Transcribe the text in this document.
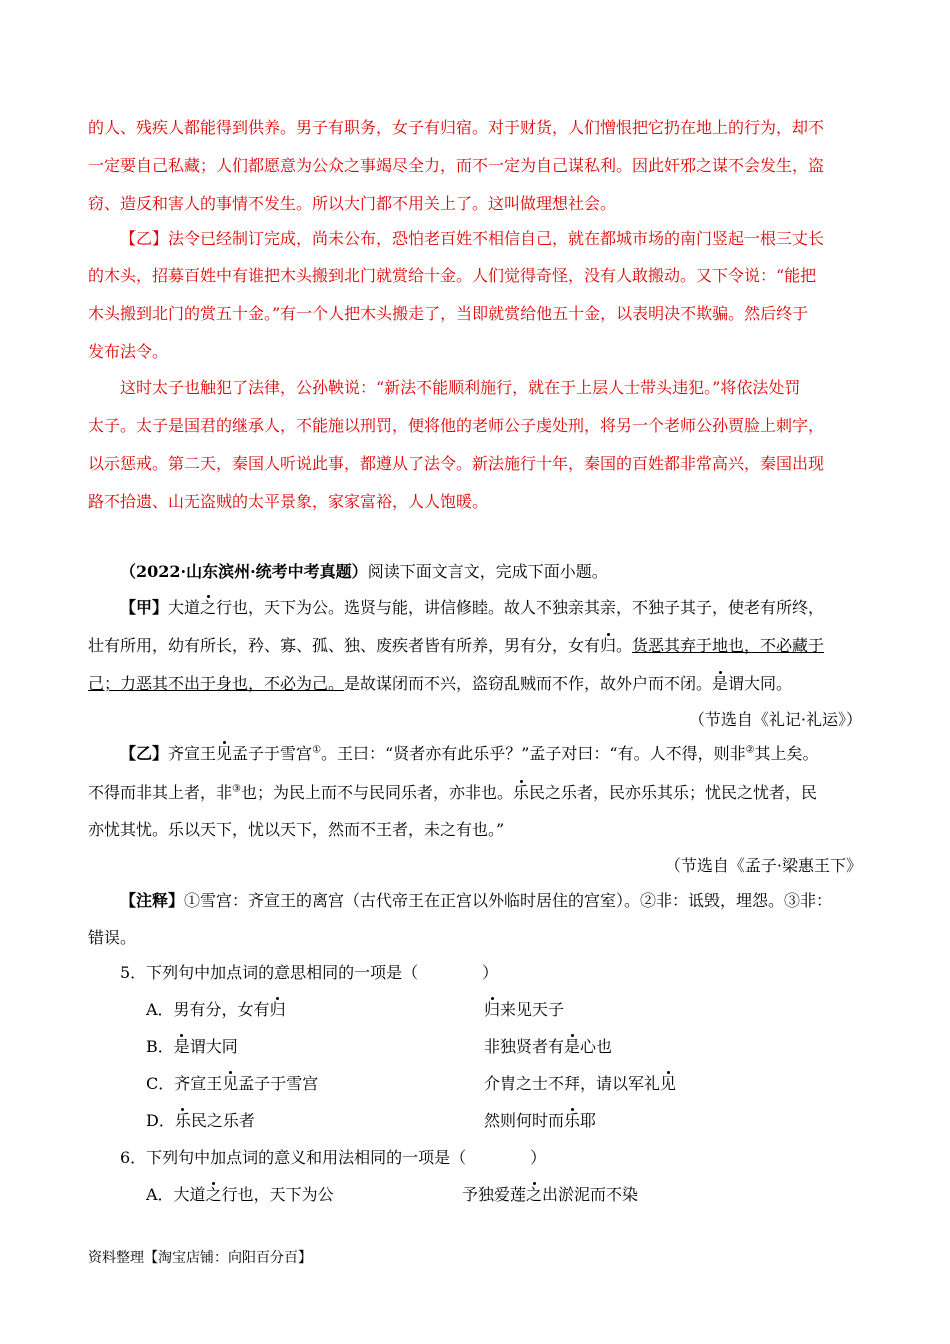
的人、残疾人都能得到供养。男子有职务，女子有归宿。对于财货，人们憎恨把它扔在地上的行为，却不
一定要自己私藏；人们都愿意为公众之事竭尽全力，而不一定为自己谋私利。因此奸邪之谋不会发生，盗
窃、造反和害人的事情不发生。所以大门都不用关上了。这叫做理想社会。
【乙】法令已经制订完成，尚未公布，恐怕老百姓不相信自己，就在都城市场的南门竖起一根三丈长
的木头，招募百姓中有谁把木头搬到北门就赏给十金。人们觉得奇怪，没有人敢搬动。又下令说：“能把
木头搬到北门的赏五十金。”有一个人把木头搬走了，当即就赏给他五十金，以表明决不欺骗。然后终于
发布法令。
这时太子也触犯了法律，公孙鞅说：“新法不能顺利施行，就在于上层人士带头违犯。”将依法处罚
太子。太子是国君的继承人，不能施以刑罚，便将他的老师公子虔处刑，将另一个老师公孙贾脸上刺字，
以示惩戒。第二天，秦国人听说此事，都遵从了法令。新法施行十年，秦国的百姓都非常高兴，秦国出现
路不拾遗、山无盗贼的太平景象，家家富裕，人人饱暖。
（2022·山东滨州·统考中考真题）阅读下面文言文，完成下面小题。
【甲】大道之行也，天下为公。选贤与能，讲信修睦。故人不独亲其亲，不独子其子，使老有所终，
壮有所用，幼有所长，矜、寡、孤、独、废疾者皆有所养，男有分，女有归。货恶其弃于地也，不必藏于
己；力恶其不出于身也，不必为己。是故谋闭而不兴，盗窃乱贼而不作，故外户而不闭。是谓大同。
（节选自《礼记·礼运》）
【乙】齐宣王见孟子于雪宫①。王曰：“贤者亦有此乐乎？”孟子对曰：“有。人不得，则非②其上矣。
不得而非其上者，非③也；为民上而不与民同乐者，亦非也。乐民之乐者，民亦乐其乐；忧民之忧者，民
亦忧其忧。乐以天下，忧以天下，然而不王者，未之有也。”
（节选自《孟子·梁惠王下》
【注释】①雪宫：齐宣王的离宫（古代帝王在正宫以外临时居住的宫室）。②非：诋毁，埋怨。③非：
错误。
5．下列句中加点词的意思相同的一项是（　　　　）
A．男有分，女有归	归来见天子
B．是谓大同	非独贤者有是心也
C．齐宣王见孟子于雪宫	介胄之士不拜，请以军礼见
D．乐民之乐者	然则何时而乐耶
6．下列句中加点词的意义和用法相同的一项是（　　　　）
A．大道之行也，天下为公	予独爱莲之出淤泥而不染
资料整理【淘宝店铺：向阳百分百】
